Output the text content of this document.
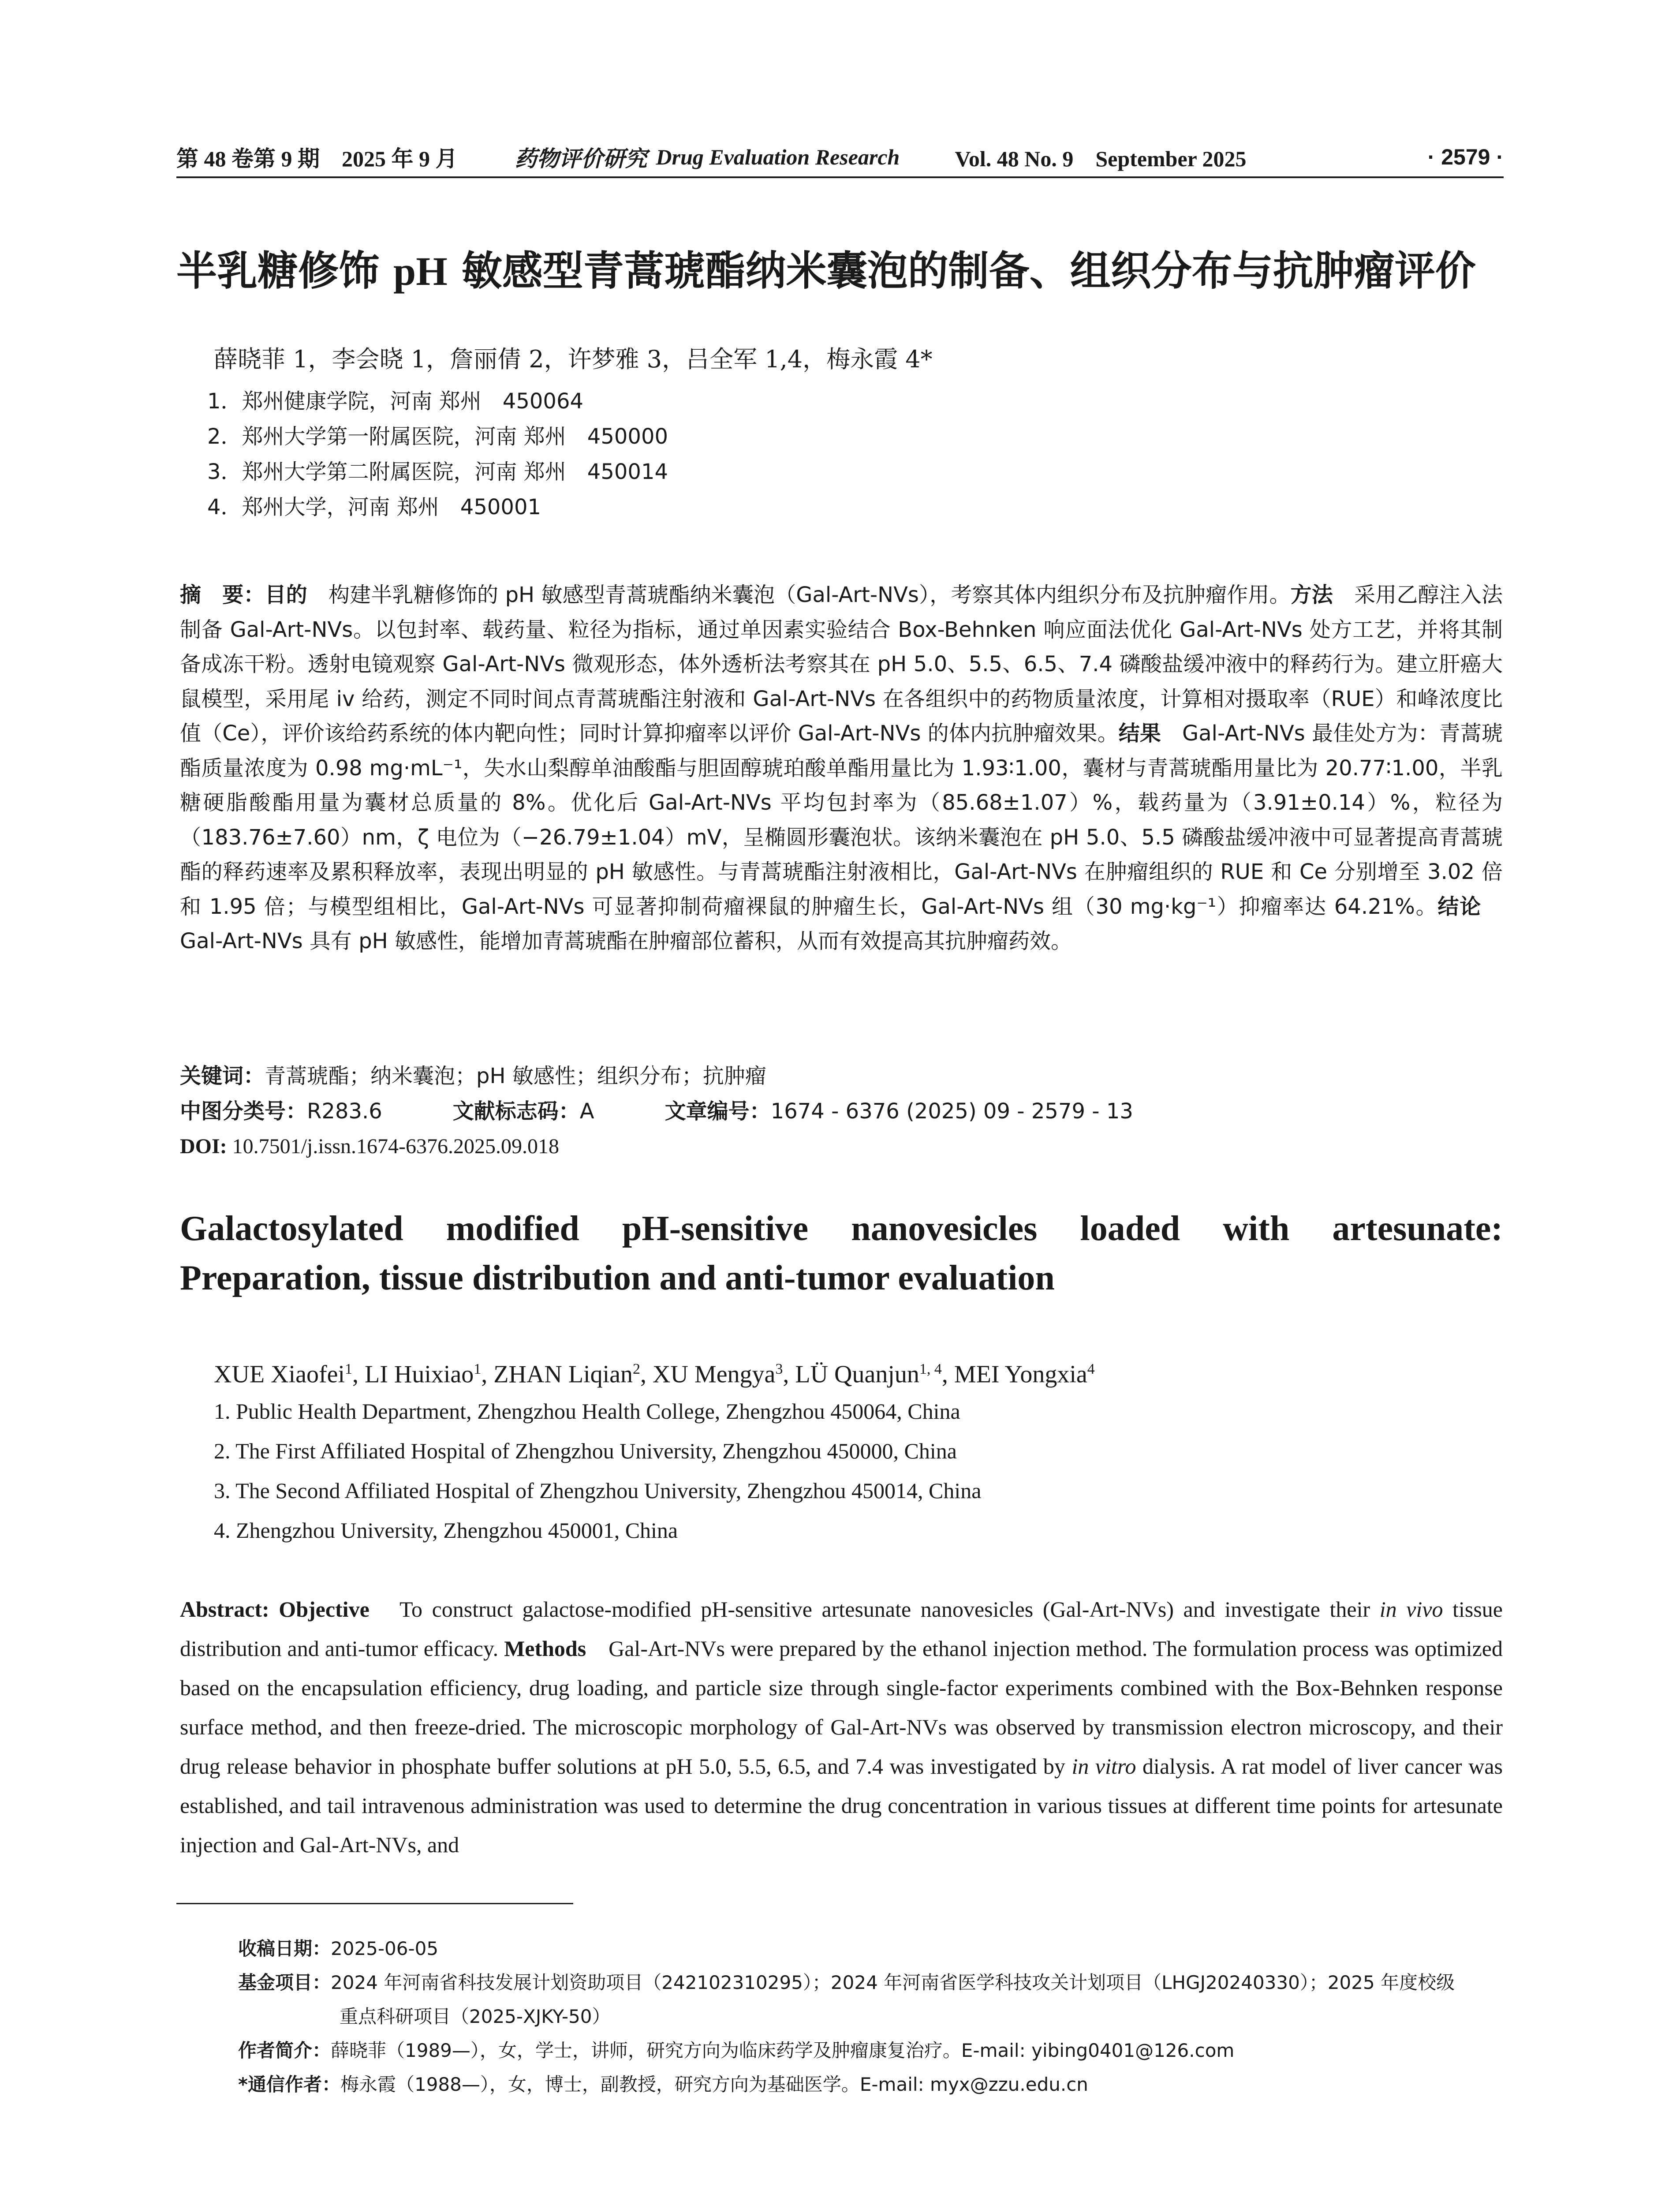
第 48 卷第 9 期　2025 年 9 月	药物评价研究 Drug Evaluation Research	Vol. 48 No. 9　September 2025	· 2579 ·
半乳糖修饰 pH 敏感型青蒿琥酯纳米囊泡的制备、组织分布与抗肿瘤评价
薛晓菲 1，李会晓 1，詹丽倩 2，许梦雅 3，吕全军 1,4，梅永霞 4*
1．郑州健康学院，河南 郑州　450064
2．郑州大学第一附属医院，河南 郑州　450000
3．郑州大学第二附属医院，河南 郑州　450014
4．郑州大学，河南 郑州　450001
摘　要：目的　构建半乳糖修饰的 pH 敏感型青蒿琥酯纳米囊泡（Gal-Art-NVs），考察其体内组织分布及抗肿瘤作用。方法　采用乙醇注入法制备 Gal-Art-NVs。以包封率、载药量、粒径为指标，通过单因素实验结合 Box-Behnken 响应面法优化 Gal-Art-NVs 处方工艺，并将其制备成冻干粉。透射电镜观察 Gal-Art-NVs 微观形态，体外透析法考察其在 pH 5.0、5.5、6.5、7.4 磷酸盐缓冲液中的释药行为。建立肝癌大鼠模型，采用尾 iv 给药，测定不同时间点青蒿琥酯注射液和 Gal-Art-NVs 在各组织中的药物质量浓度，计算相对摄取率（RUE）和峰浓度比值（Ce），评价该给药系统的体内靶向性；同时计算抑瘤率以评价 Gal-Art-NVs 的体内抗肿瘤效果。结果　Gal-Art-NVs 最佳处方为：青蒿琥酯质量浓度为 0.98 mg·mL⁻¹，失水山梨醇单油酸酯与胆固醇琥珀酸单酯用量比为 1.93∶1.00，囊材与青蒿琥酯用量比为 20.77∶1.00，半乳糖硬脂酸酯用量为囊材总质量的 8%。优化后 Gal-Art-NVs 平均包封率为（85.68±1.07）%，载药量为（3.91±0.14）%，粒径为（183.76±7.60）nm，ζ 电位为（−26.79±1.04）mV，呈椭圆形囊泡状。该纳米囊泡在 pH 5.0、5.5 磷酸盐缓冲液中可显著提高青蒿琥酯的释药速率及累积释放率，表现出明显的 pH 敏感性。与青蒿琥酯注射液相比，Gal-Art-NVs 在肿瘤组织的 RUE 和 Ce 分别增至 3.02 倍和 1.95 倍；与模型组相比，Gal-Art-NVs 可显著抑制荷瘤裸鼠的肿瘤生长，Gal-Art-NVs 组（30 mg·kg⁻¹）抑瘤率达 64.21%。结论　Gal-Art-NVs 具有 pH 敏感性，能增加青蒿琥酯在肿瘤部位蓄积，从而有效提高其抗肿瘤药效。
关键词：青蒿琥酯；纳米囊泡；pH 敏感性；组织分布；抗肿瘤
中图分类号：R283.6	文献标志码：A	文章编号：1674 - 6376 (2025) 09 - 2579 - 13
DOI: 10.7501/j.issn.1674-6376.2025.09.018
Galactosylated modified pH-sensitive nanovesicles loaded with artesunate:
Preparation, tissue distribution and anti-tumor evaluation
XUE Xiaofei$^1$, LI Huixiao$^1$, ZHAN Liqian$^2$, XU Mengya$^3$, LÜ Quanjun$^{1, 4}$, MEI Yongxia$^4$
1. Public Health Department, Zhengzhou Health College, Zhengzhou 450064, China
2. The First Affiliated Hospital of Zhengzhou University, Zhengzhou 450000, China
3. The Second Affiliated Hospital of Zhengzhou University, Zhengzhou 450014, China
4. Zhengzhou University, Zhengzhou 450001, China
Abstract: Objective　To construct galactose-modified pH-sensitive artesunate nanovesicles (Gal-Art-NVs) and investigate their in vivo tissue distribution and anti-tumor efficacy. Methods　Gal-Art-NVs were prepared by the ethanol injection method. The formulation process was optimized based on the encapsulation efficiency, drug loading, and particle size through single-factor experiments combined with the Box-Behnken response surface method, and then freeze-dried. The microscopic morphology of Gal-Art-NVs was observed by transmission electron microscopy, and their drug release behavior in phosphate buffer solutions at pH 5.0, 5.5, 6.5, and 7.4 was investigated by in vitro dialysis. A rat model of liver cancer was established, and tail intravenous administration was used to determine the drug concentration in various tissues at different time points for artesunate injection and Gal-Art-NVs, and
收稿日期：2025-06-05
基金项目：2024 年河南省科技发展计划资助项目（242102310295）；2024 年河南省医学科技攻关计划项目（LHGJ20240330）；2025 年度校级
重点科研项目（2025-XJKY-50）
作者简介：薛晓菲（1989—），女，学士，讲师，研究方向为临床药学及肿瘤康复治疗。E-mail: yibing0401@126.com
*通信作者：梅永霞（1988—），女，博士，副教授，研究方向为基础医学。E-mail: myx@zzu.edu.cn
